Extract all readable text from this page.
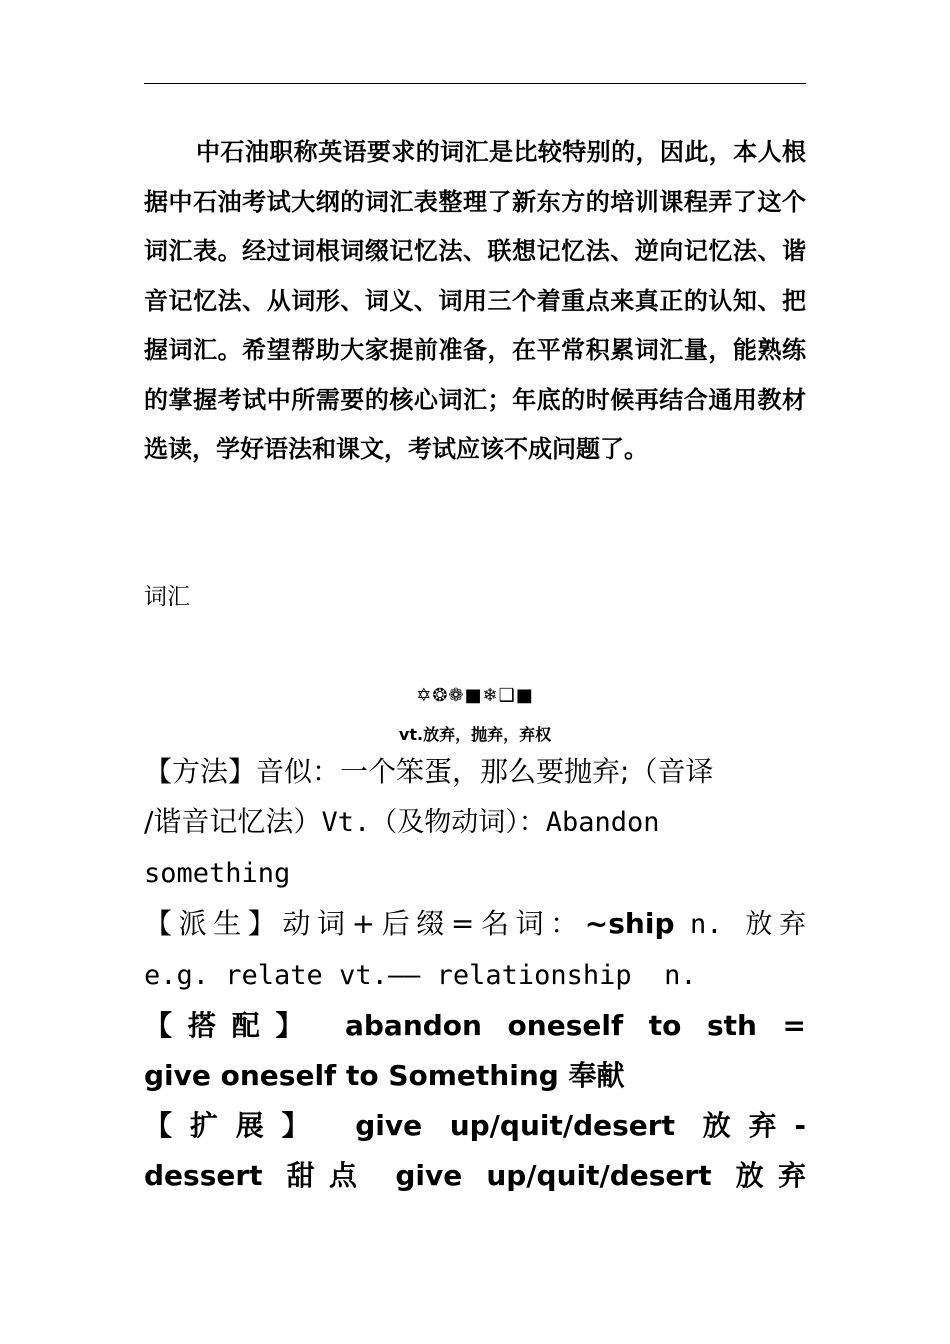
中石油职称英语要求的词汇是比较特别的，因此，本人根据中石油考试大纲的词汇表整理了新东方的培训课程弄了这个词汇表。经过词根词缀记忆法、联想记忆法、逆向记忆法、谐音记忆法、从词形、词义、词用三个着重点来真正的认知、把握词汇。希望帮助大家提前准备，在平常积累词汇量，能熟练的掌握考试中所需要的核心词汇；年底的时候再结合通用教材选读，学好语法和课文，考试应该不成问题了。

词汇

✡❂❁■❄❑■
vt.放弃，抛弃，弃权
【方法】音似：一个笨蛋，那么要抛弃;（音译
/谐音记忆法）Vt.（及物动词）：Abandon
something
【派生】动词+后缀=名词：~ship n. 放弃
e.g. relate vt.—— relationship  n.
【搭配】 abandon oneself to sth =
give oneself to Something 奉献
【扩展】 give up/quit/desert 放弃-
dessert 甜点 give up/quit/desert 放弃
